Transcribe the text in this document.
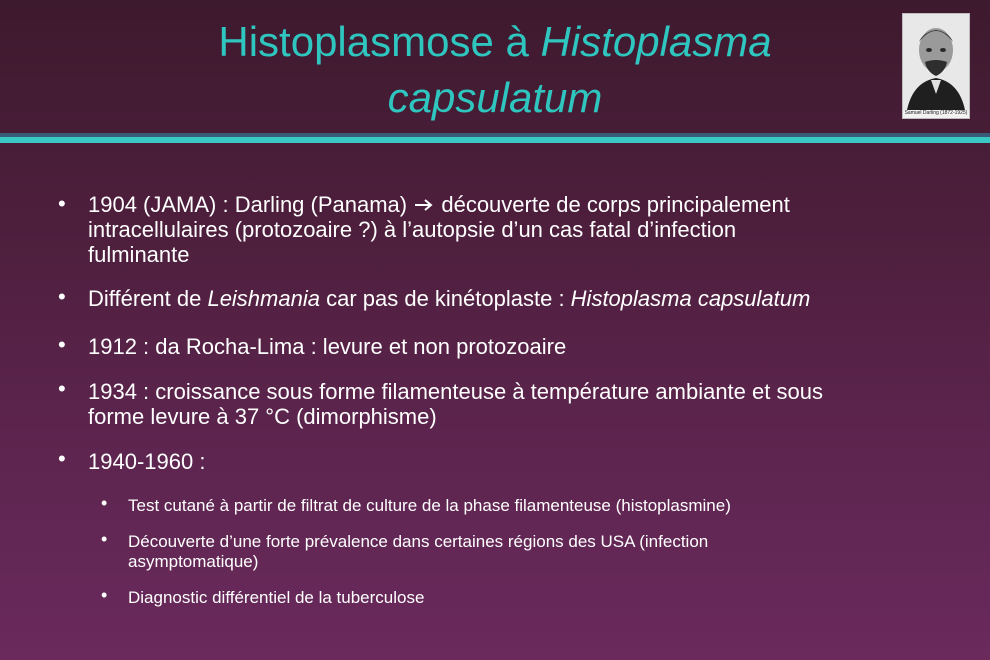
Histoplasmose à Histoplasma
capsulatum	Samuel Darling (1872-1925)
• 1904 (JAMA) : Darling (Panama)  découverte de corps principalement
intracellulaires (protozoaire ?) à l’autopsie d’un cas fatal d’infection
fulminante
• Différent de Leishmania car pas de kinétoplaste : Histoplasma capsulatum
• 1912 : da Rocha-Lima : levure et non protozoaire
• 1934 : croissance sous forme filamenteuse à température ambiante et sous
forme levure à 37 °C (dimorphisme)
• 1940-1960 :
• Test cutané à partir de filtrat de culture de la phase filamenteuse (histoplasmine)
• Découverte d’une forte prévalence dans certaines régions des USA (infection
asymptomatique)
• Diagnostic différentiel de la tuberculose
